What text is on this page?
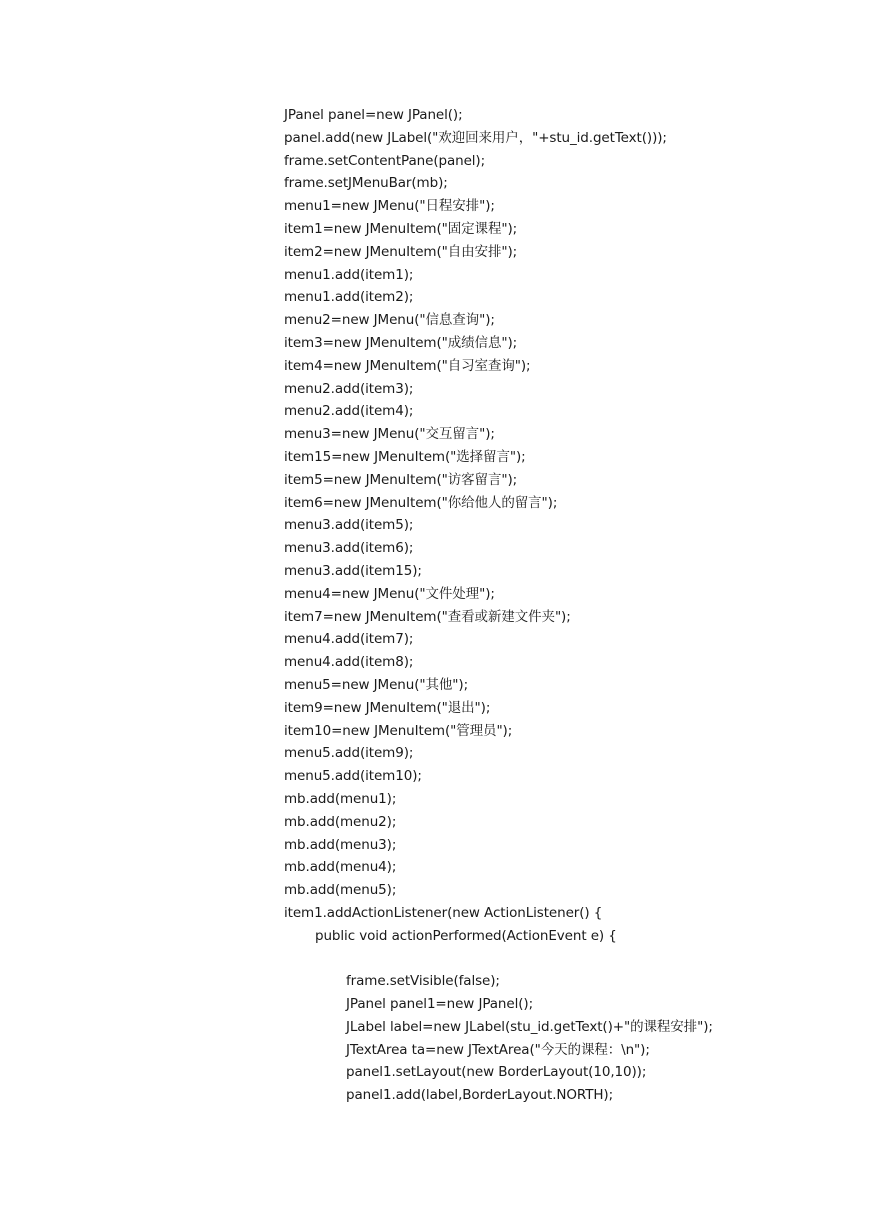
JPanel panel=new JPanel();
panel.add(new JLabel("欢迎回来用户，"+stu_id.getText()));
frame.setContentPane(panel);
frame.setJMenuBar(mb);
menu1=new JMenu("日程安排");
item1=new JMenuItem("固定课程");
item2=new JMenuItem("自由安排");
menu1.add(item1);
menu1.add(item2);
menu2=new JMenu("信息查询");
item3=new JMenuItem("成绩信息");
item4=new JMenuItem("自习室查询");
menu2.add(item3);
menu2.add(item4);
menu3=new JMenu("交互留言");
item15=new JMenuItem("选择留言");
item5=new JMenuItem("访客留言");
item6=new JMenuItem("你给他人的留言");
menu3.add(item5);
menu3.add(item6);
menu3.add(item15);
menu4=new JMenu("文件处理");
item7=new JMenuItem("查看或新建文件夹");
menu4.add(item7);
menu4.add(item8);
menu5=new JMenu("其他");
item9=new JMenuItem("退出");
item10=new JMenuItem("管理员");
menu5.add(item9);
menu5.add(item10);
mb.add(menu1);
mb.add(menu2);
mb.add(menu3);
mb.add(menu4);
mb.add(menu5);
item1.addActionListener(new ActionListener() {
public void actionPerformed(ActionEvent e) {
frame.setVisible(false);
JPanel panel1=new JPanel();
JLabel label=new JLabel(stu_id.getText()+"的课程安排");
JTextArea ta=new JTextArea("今天的课程：\n");
panel1.setLayout(new BorderLayout(10,10));
panel1.add(label,BorderLayout.NORTH);
